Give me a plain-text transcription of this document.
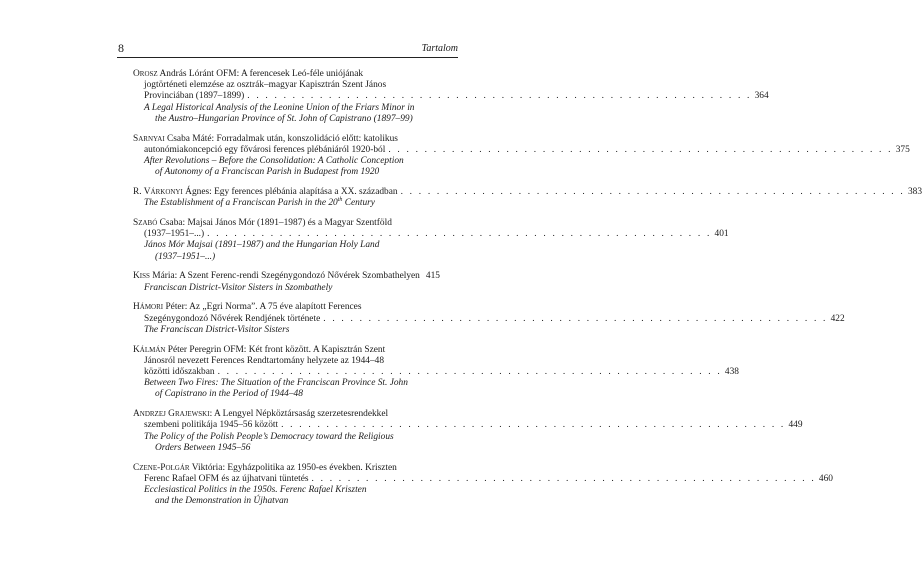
8	Tartalom
Orosz András Lóránt OFM: A ferencesek Leó-féle uniójának
jogtörténeti elemzése az osztrák–magyar Kapisztrán Szent János
Provinciában (1897–1899) . . . . . . . . . . . . . . . . . . . . . . . . . . . . . . . . . . . . . . . . . . . . . . . . . . . . . . . . 364
A Legal Historical Analysis of the Leonine Union of the Friars Minor in
the Austro–Hungarian Province of St. John of Capistrano (1897–99)
Sarnyai Csaba Máté: Forradalmak után, konszolidáció előtt: katolikus
autonómiakoncepció egy fővárosi ferences plébániáról 1920-ból . . . . . . . . . . . . . . . . . . . . . . . . . . . . . . . . . . . . . . . . . . . . . . . . . . . . . . . . 375
After Revolutions – Before the Consolidation: A Catholic Conception
of Autonomy of a Franciscan Parish in Budapest from 1920
R. Várkonyi Ágnes: Egy ferences plébánia alapítása a XX. században . . . . . . . . . . . . . . . . . . . . . . . . . . . . . . . . . . . . . . . . . . . . . . . . . . . . . . . . 383
The Establishment of a Franciscan Parish in the 20th Century
Szabó Csaba: Majsai János Mór (1891–1987) és a Magyar Szentföld
(1937–1951–...) . . . . . . . . . . . . . . . . . . . . . . . . . . . . . . . . . . . . . . . . . . . . . . . . . . . . . . . . 401
János Mór Majsai (1891–1987) and the Hungarian Holy Land
(1937–1951–...)
Kiss Mária: A Szent Ferenc-rendi Szegénygondozó Nővérek Szombathelyen 415
Franciscan District-Visitor Sisters in Szombathely
Hámori Péter: Az „Egri Norma”. A 75 éve alapított Ferences
Szegénygondozó Nővérek Rendjének története . . . . . . . . . . . . . . . . . . . . . . . . . . . . . . . . . . . . . . . . . . . . . . . . . . . . . . . . 422
The Franciscan District-Visitor Sisters
Kálmán Péter Peregrin OFM: Két front között. A Kapisztrán Szent
Jánosról nevezett Ferences Rendtartomány helyzete az 1944–48
közötti időszakban . . . . . . . . . . . . . . . . . . . . . . . . . . . . . . . . . . . . . . . . . . . . . . . . . . . . . . . . 438
Between Two Fires: The Situation of the Franciscan Province St. John
of Capistrano in the Period of 1944–48
Andrzej Grajewski: A Lengyel Népköztársaság szerzetesrendekkel
szembeni politikája 1945–56 között . . . . . . . . . . . . . . . . . . . . . . . . . . . . . . . . . . . . . . . . . . . . . . . . . . . . . . . . 449
The Policy of the Polish People’s Democracy toward the Religious
Orders Between 1945–56
Czene-Polgár Viktória: Egyházpolitika az 1950-es években. Kriszten
Ferenc Rafael OFM és az újhatvani tüntetés . . . . . . . . . . . . . . . . . . . . . . . . . . . . . . . . . . . . . . . . . . . . . . . . . . . . . . . . 460
Ecclesiastical Politics in the 1950s. Ferenc Rafael Kriszten
and the Demonstration in Újhatvan
